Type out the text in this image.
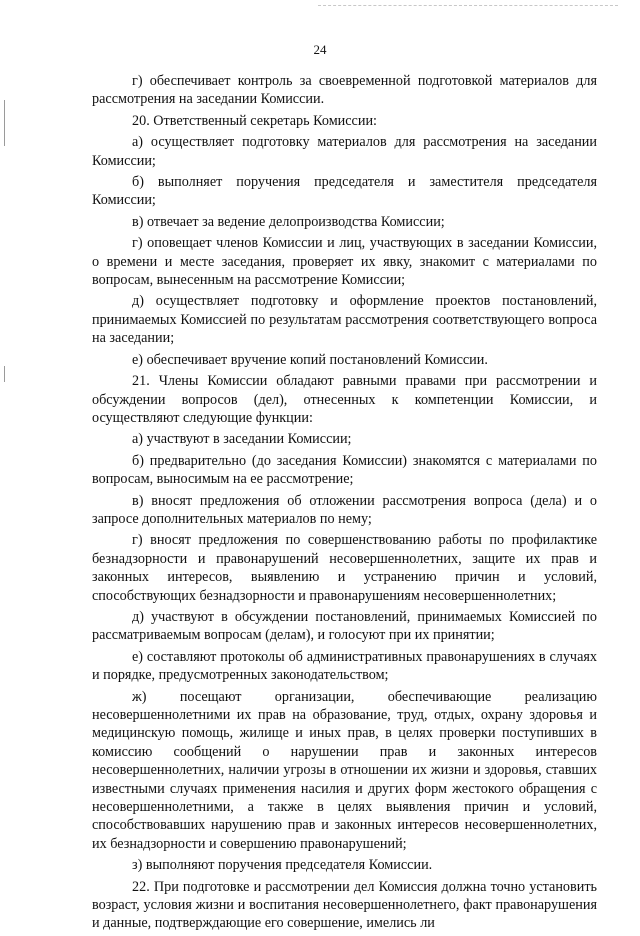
24

г) обеспечивает контроль за своевременной подготовкой материалов для рассмотрения на заседании Комиссии.

20. Ответственный секретарь Комиссии:

а) осуществляет подготовку материалов для рассмотрения на заседании Комиссии;

б) выполняет поручения председателя и заместителя председателя Комиссии;

в) отвечает за ведение делопроизводства Комиссии;

г) оповещает членов Комиссии и лиц, участвующих в заседании Комиссии, о времени и месте заседания, проверяет их явку, знакомит с материалами по вопросам, вынесенным на рассмотрение Комиссии;

д) осуществляет подготовку и оформление проектов постановлений, принимаемых Комиссией по результатам рассмотрения соответствующего вопроса на заседании;

е) обеспечивает вручение копий постановлений Комиссии.

21. Члены Комиссии обладают равными правами при рассмотрении и обсуждении вопросов (дел), отнесенных к компетенции Комиссии, и осуществляют следующие функции:

а) участвуют в заседании Комиссии;

б) предварительно (до заседания Комиссии) знакомятся с материалами по вопросам, выносимым на ее рассмотрение;

в) вносят предложения об отложении рассмотрения вопроса (дела) и о запросе дополнительных материалов по нему;

г) вносят предложения по совершенствованию работы по профилактике безнадзорности и правонарушений несовершеннолетних, защите их прав и законных интересов, выявлению и устранению причин и условий, способствующих безнадзорности и правонарушениям несовершеннолетних;

д) участвуют в обсуждении постановлений, принимаемых Комиссией по рассматриваемым вопросам (делам), и голосуют при их принятии;

е) составляют протоколы об административных правонарушениях в случаях и порядке, предусмотренных законодательством;

ж) посещают организации, обеспечивающие реализацию несовершеннолетними их прав на образование, труд, отдых, охрану здоровья и медицинскую помощь, жилище и иных прав, в целях проверки поступивших в комиссию сообщений о нарушении прав и законных интересов несовершеннолетних, наличии угрозы в отношении их жизни и здоровья, ставших известными случаях применения насилия и других форм жестокого обращения с несовершеннолетними, а также в целях выявления причин и условий, способствовавших нарушению прав и законных интересов несовершеннолетних, их безнадзорности и совершению правонарушений;

з) выполняют поручения председателя Комиссии.

22. При подготовке и рассмотрении дел Комиссия должна точно установить возраст, условия жизни и воспитания несовершеннолетнего, факт правонарушения и данные, подтверждающие его совершение, имелись ли
